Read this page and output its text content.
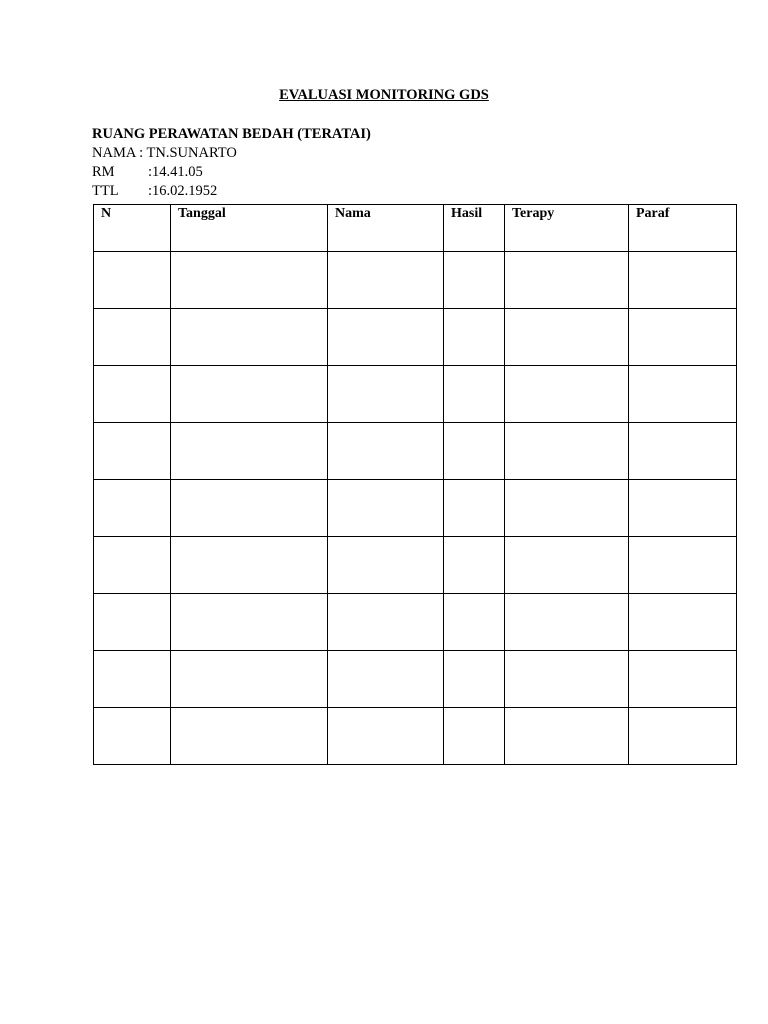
EVALUASI MONITORING GDS
RUANG PERAWATAN BEDAH (TERATAI)
NAMA : TN.SUNARTO
RM :14.41.05
TTL :16.02.1952
N	Tanggal	Nama	Hasil	Terapy	Paraf
